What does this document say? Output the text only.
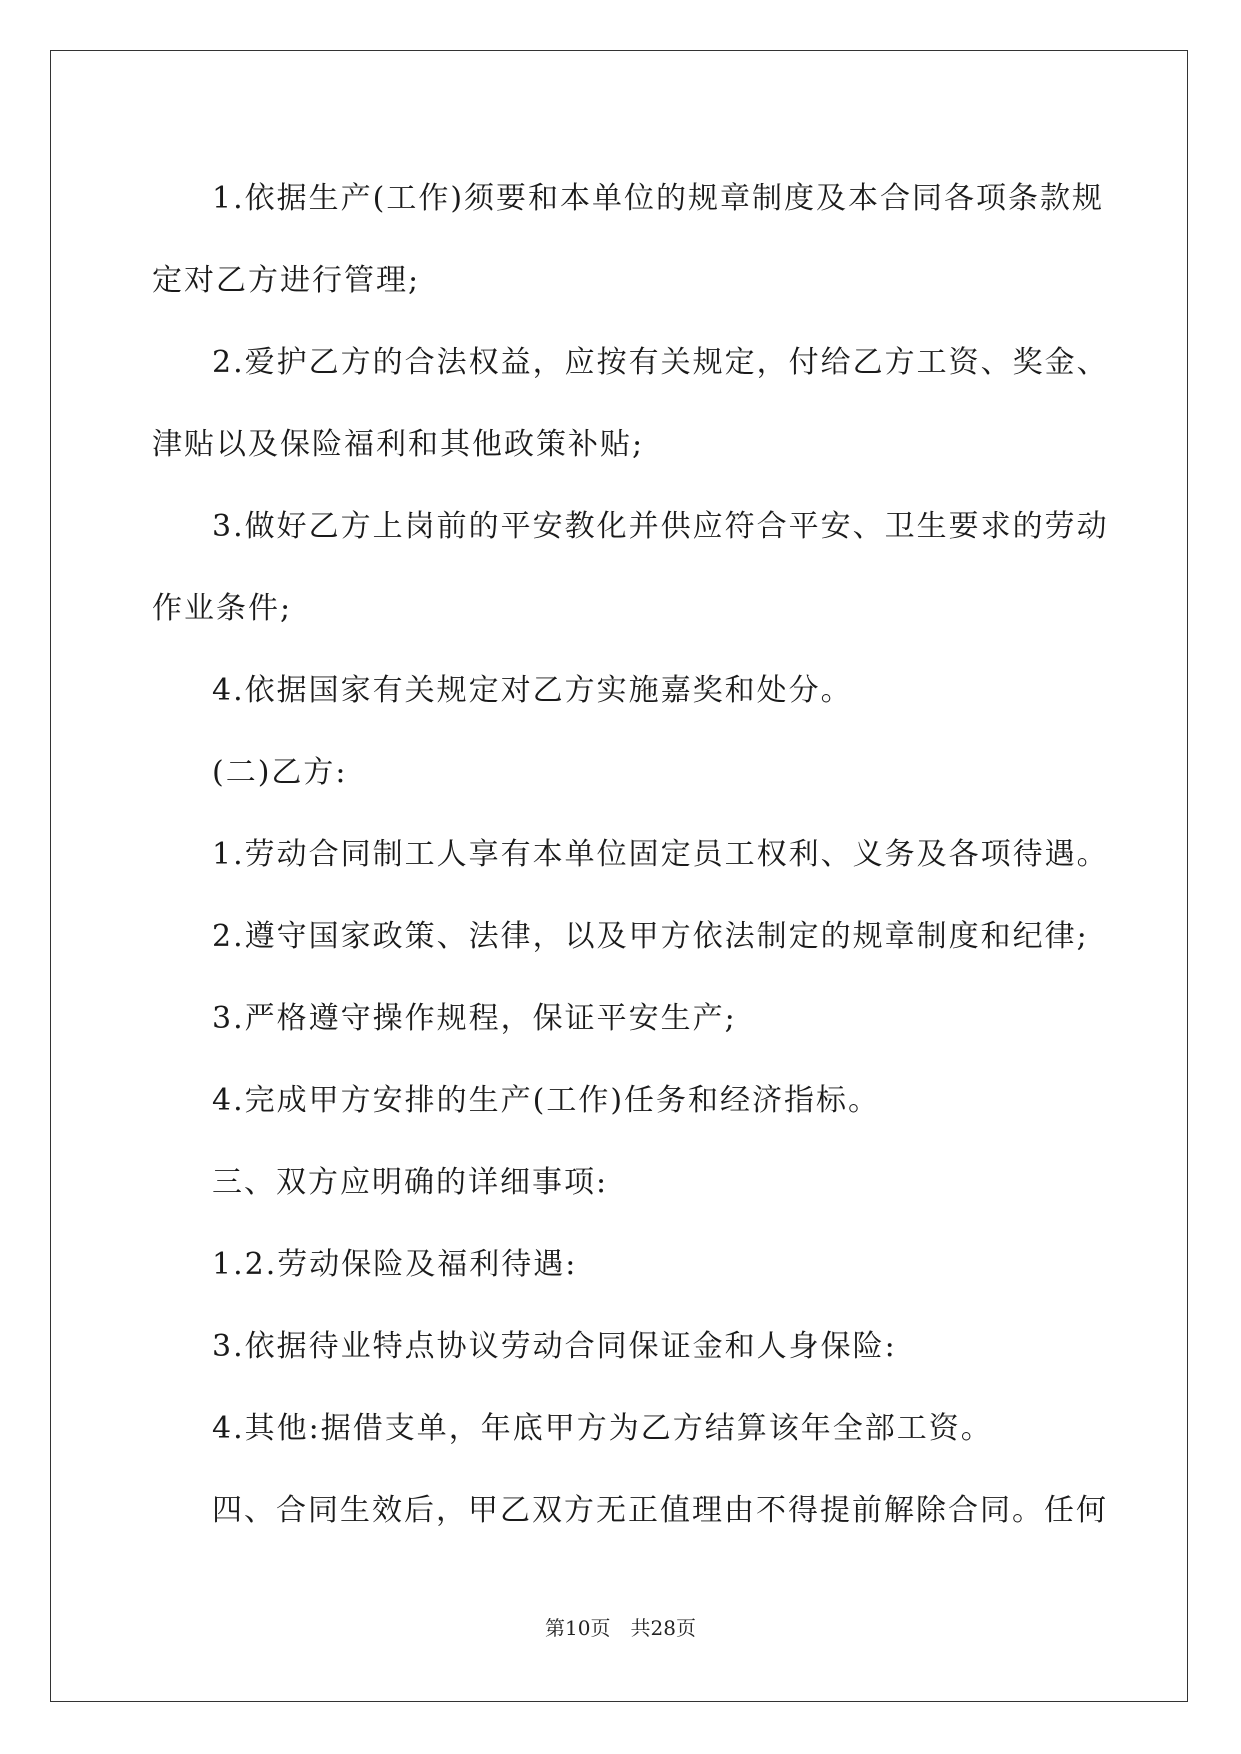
1.依据生产(工作)须要和本单位的规章制度及本合同各项条款规
定对乙方进行管理;
2.爱护乙方的合法权益，应按有关规定，付给乙方工资、奖金、
津贴以及保险福利和其他政策补贴;
3.做好乙方上岗前的平安教化并供应符合平安、卫生要求的劳动
作业条件;
4.依据国家有关规定对乙方实施嘉奖和处分。
(二)乙方:
1.劳动合同制工人享有本单位固定员工权利、义务及各项待遇。
2.遵守国家政策、法律，以及甲方依法制定的规章制度和纪律;
3.严格遵守操作规程，保证平安生产;
4.完成甲方安排的生产(工作)任务和经济指标。
三、双方应明确的详细事项:
1.2.劳动保险及福利待遇:
3.依据待业特点协议劳动合同保证金和人身保险:
4.其他:据借支单，年底甲方为乙方结算该年全部工资。
四、合同生效后，甲乙双方无正值理由不得提前解除合同。任何
第10页 共28页
